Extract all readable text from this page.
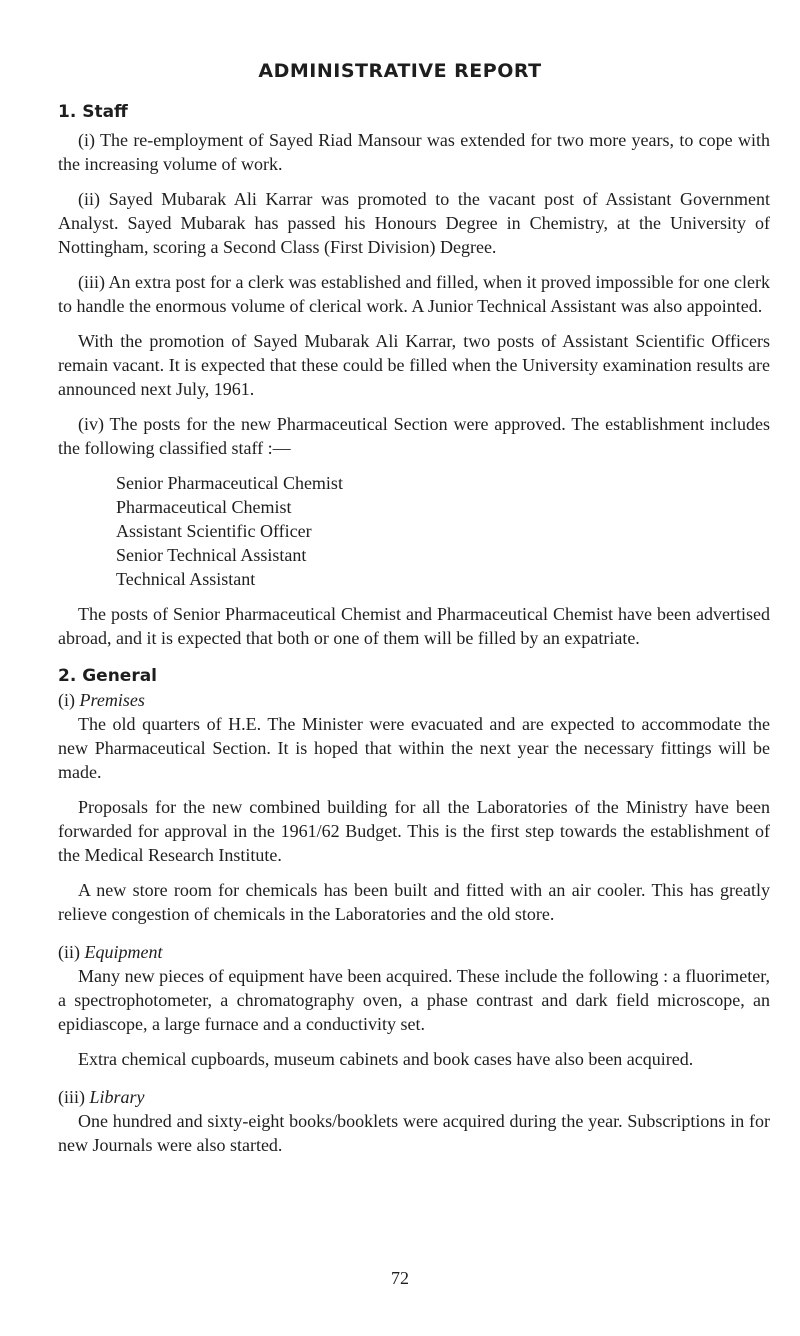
ADMINISTRATIVE REPORT
1. Staff

(i) The re-employment of Sayed Riad Mansour was extended for two more years, to cope with the increasing volume of work.

(ii) Sayed Mubarak Ali Karrar was promoted to the vacant post of Assistant Government Analyst. Sayed Mubarak has passed his Honours Degree in Chemistry, at the University of Nottingham, scoring a Second Class (First Division) Degree.

(iii) An extra post for a clerk was established and filled, when it proved impossible for one clerk to handle the enormous volume of clerical work. A Junior Technical Assistant was also appointed.

With the promotion of Sayed Mubarak Ali Karrar, two posts of Assistant Scientific Officers remain vacant. It is expected that these could be filled when the University examination results are announced next July, 1961.

(iv) The posts for the new Pharmaceutical Section were approved. The establishment includes the following classified staff :—

Senior Pharmaceutical Chemist
Pharmaceutical Chemist
Assistant Scientific Officer
Senior Technical Assistant
Technical Assistant

The posts of Senior Pharmaceutical Chemist and Pharmaceutical Chemist have been advertised abroad, and it is expected that both or one of them will be filled by an expatriate.

2. General
(i) Premises

The old quarters of H.E. The Minister were evacuated and are expected to accommodate the new Pharmaceutical Section. It is hoped that within the next year the necessary fittings will be made.

Proposals for the new combined building for all the Laboratories of the Ministry have been forwarded for approval in the 1961/62 Budget. This is the first step towards the establishment of the Medical Research Institute.

A new store room for chemicals has been built and fitted with an air cooler. This has greatly relieve congestion of chemicals in the Laboratories and the old store.

(ii) Equipment

Many new pieces of equipment have been acquired. These include the following : a fluorimeter, a spectrophotometer, a chromatography oven, a phase contrast and dark field microscope, an epidiascope, a large furnace and a conductivity set.

Extra chemical cupboards, museum cabinets and book cases have also been acquired.

(iii) Library

One hundred and sixty-eight books/booklets were acquired during the year. Subscriptions in for new Journals were also started.

72
